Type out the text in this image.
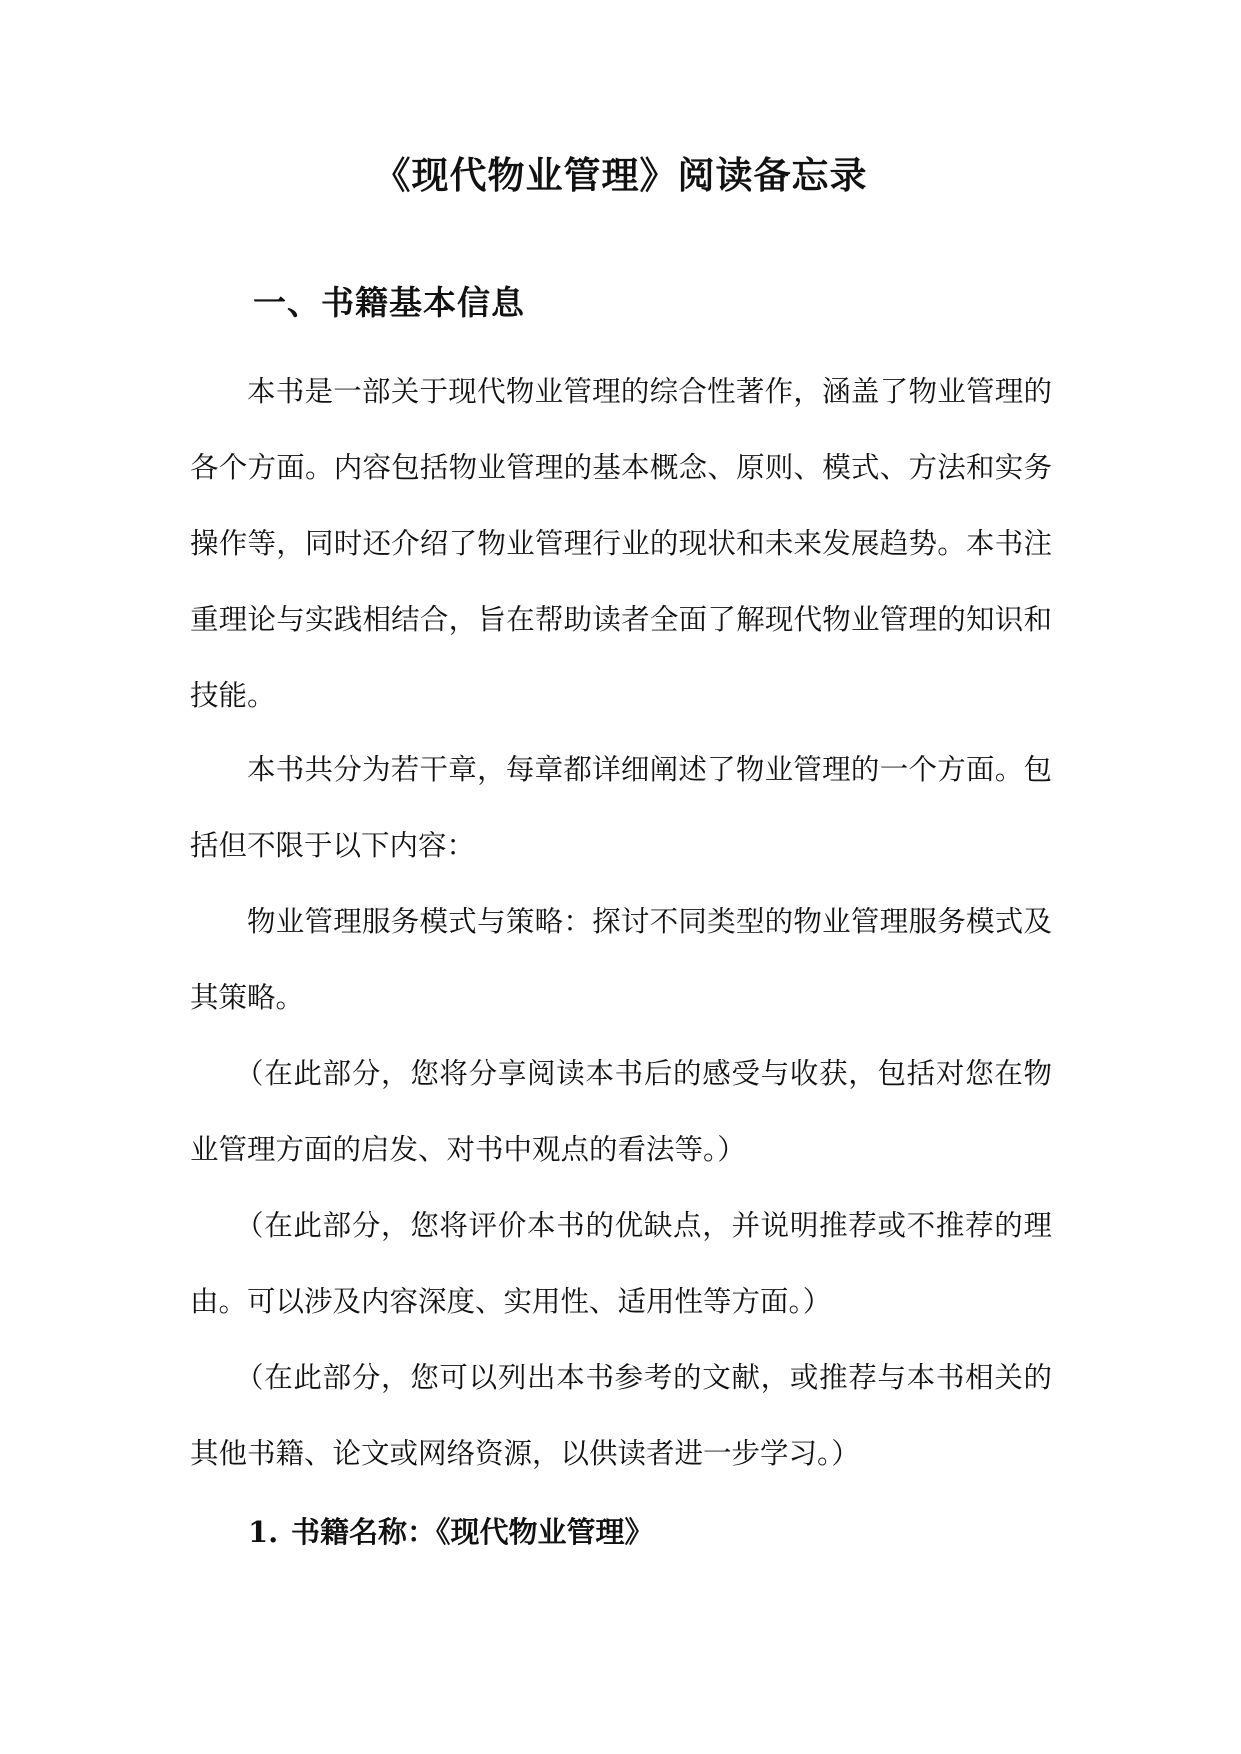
《现代物业管理》阅读备忘录
一、书籍基本信息

本书是一部关于现代物业管理的综合性著作，涵盖了物业管理的各个方面。内容包括物业管理的基本概念、原则、模式、方法和实务操作等，同时还介绍了物业管理行业的现状和未来发展趋势。本书注重理论与实践相结合，旨在帮助读者全面了解现代物业管理的知识和技能。

本书共分为若干章，每章都详细阐述了物业管理的一个方面。包括但不限于以下内容：

物业管理服务模式与策略：探讨不同类型的物业管理服务模式及其策略。

（在此部分，您将分享阅读本书后的感受与收获，包括对您在物业管理方面的启发、对书中观点的看法等。）

（在此部分，您将评价本书的优缺点，并说明推荐或不推荐的理由。可以涉及内容深度、实用性、适用性等方面。）

（在此部分，您可以列出本书参考的文献，或推荐与本书相关的其他书籍、论文或网络资源，以供读者进一步学习。）

1. 书籍名称：《现代物业管理》
